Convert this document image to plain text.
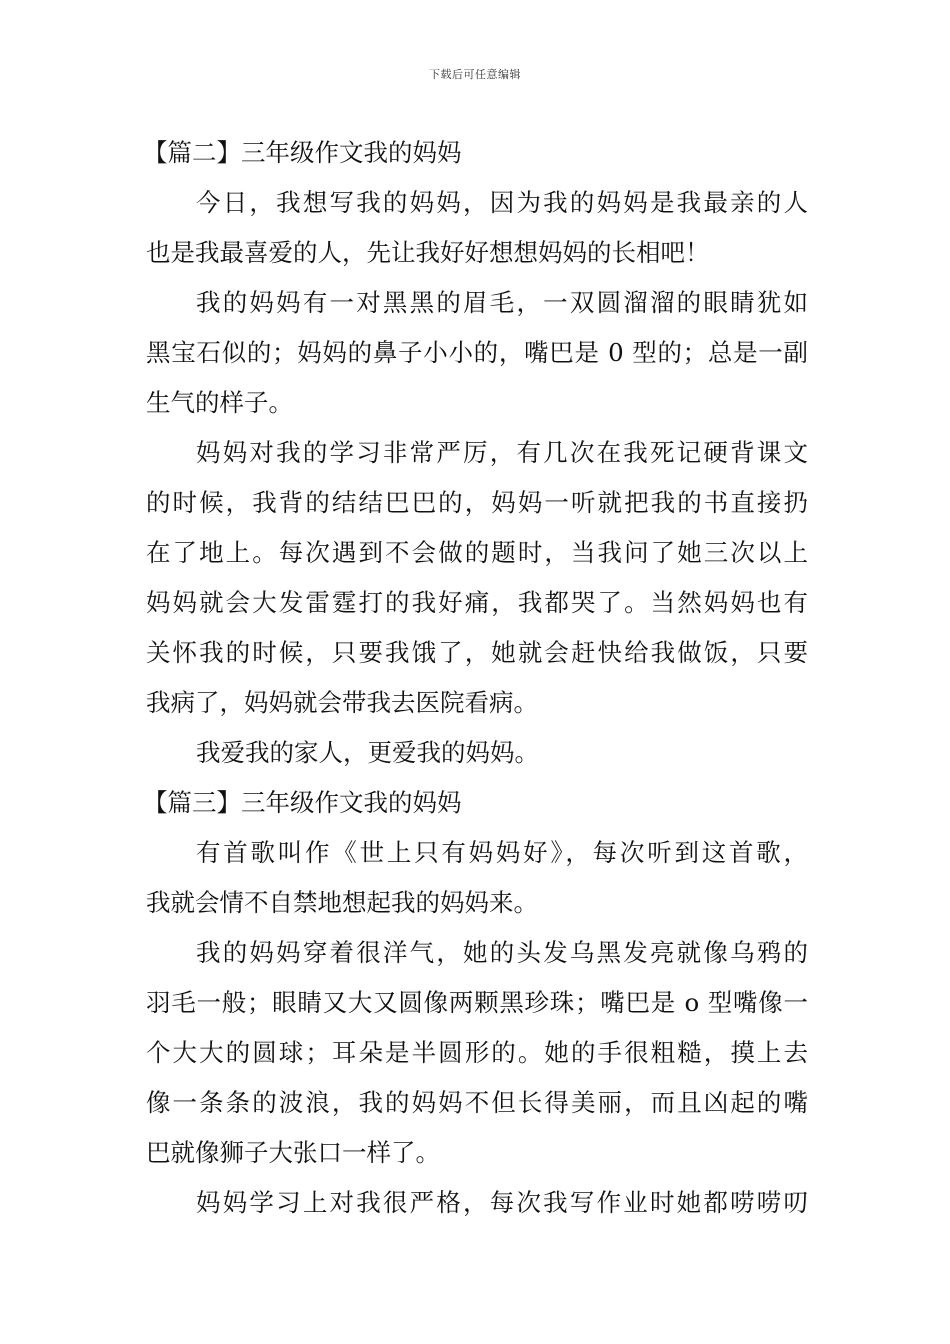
下载后可任意编辑
【篇二】三年级作文我的妈妈
今日，我想写我的妈妈，因为我的妈妈是我最亲的人
也是我最喜爱的人，先让我好好想想妈妈的长相吧！
我的妈妈有一对黑黑的眉毛，一双圆溜溜的眼睛犹如
黑宝石似的；妈妈的鼻子小小的，嘴巴是 0 型的；总是一副
生气的样子。
妈妈对我的学习非常严厉，有几次在我死记硬背课文
的时候，我背的结结巴巴的，妈妈一听就把我的书直接扔
在了地上。每次遇到不会做的题时，当我问了她三次以上
妈妈就会大发雷霆打的我好痛，我都哭了。当然妈妈也有
关怀我的时候，只要我饿了，她就会赶快给我做饭，只要
我病了，妈妈就会带我去医院看病。
我爱我的家人，更爱我的妈妈。
【篇三】三年级作文我的妈妈
有首歌叫作《世上只有妈妈好》，每次听到这首歌，
我就会情不自禁地想起我的妈妈来。
我的妈妈穿着很洋气，她的头发乌黑发亮就像乌鸦的
羽毛一般；眼睛又大又圆像两颗黑珍珠；嘴巴是 o 型嘴像一
个大大的圆球；耳朵是半圆形的。她的手很粗糙，摸上去
像一条条的波浪，我的妈妈不但长得美丽，而且凶起的嘴
巴就像狮子大张口一样了。
妈妈学习上对我很严格，每次我写作业时她都唠唠叨
